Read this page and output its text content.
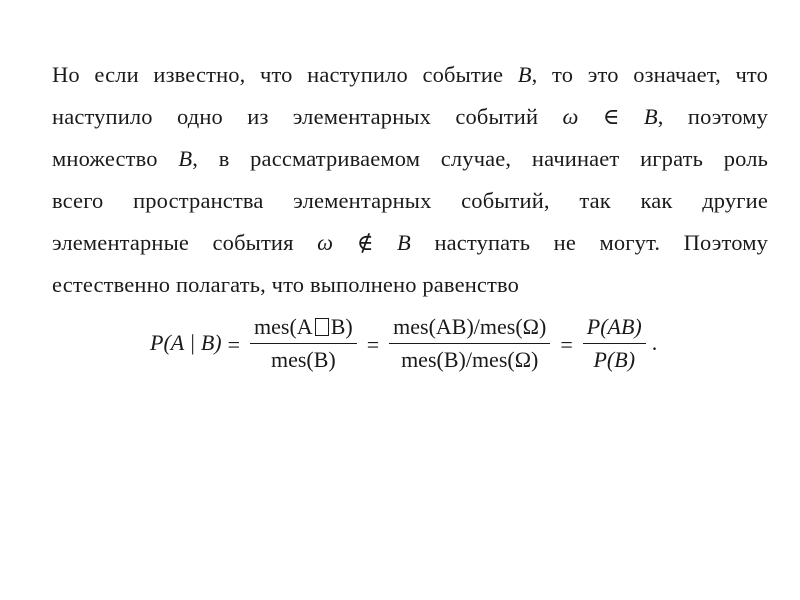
Но если известно, что наступило событие B, то это означает, что
наступило одно из элементарных событий ω ∈ B, поэтому
множество B, в рассматриваемом случае, начинает играть роль
всего пространства элементарных событий, так как другие
элементарные события ω ∉ B наступать не могут. Поэтому
естественно полагать, что выполнено равенство
P(A | $B) = \frac{\text{mes(A B)}}{\text{mes(B)}} = \frac{\text{mes(AB)/mes(Ω)}}{\text{mes(B)/mes(Ω)}} = \frac{P(AB)}{P(B)}$ .
